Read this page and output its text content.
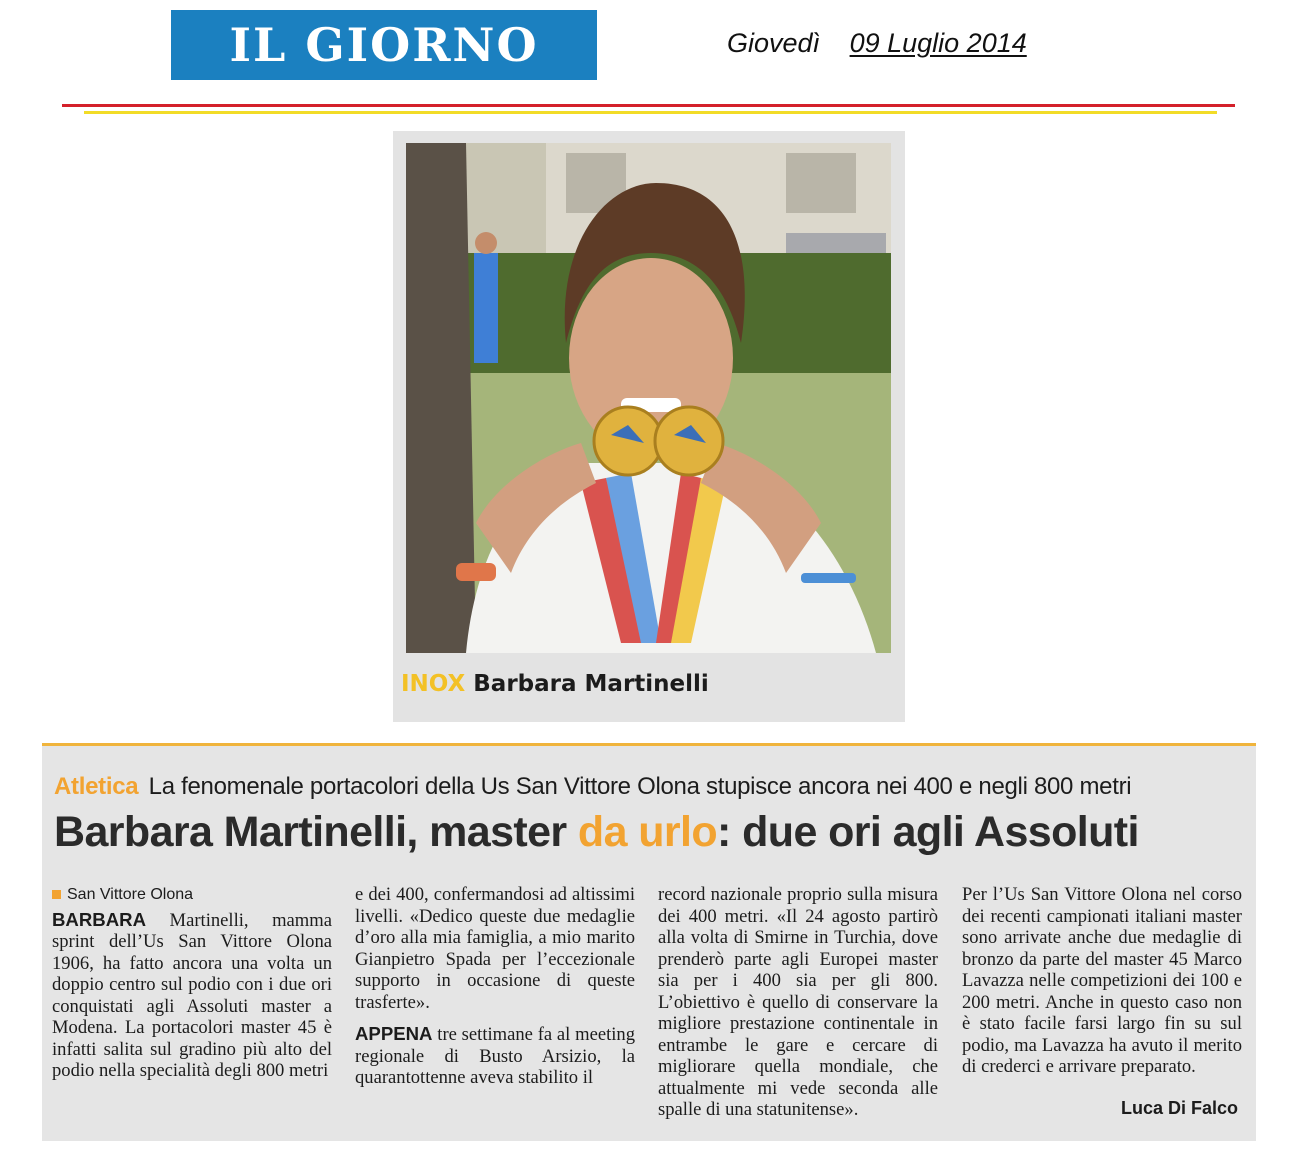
IL GIORNO	Giovedì 09 Luglio 2014
INOX Barbara Martinelli
Atletica La fenomenale portacolori della Us San Vittore Olona stupisce ancora nei 400 e negli 800 metri
Barbara Martinelli, master da urlo: due ori agli Assoluti
San Vittore Olona

BARBARA Martinelli, mamma sprint dell’Us San Vittore Olona 1906, ha fatto ancora una volta un doppio centro sul podio con i due ori conquistati agli Assoluti master a Modena. La portacolori master 45 è infatti salita sul gradino più alto del podio nella specialità degli 800 metri

e dei 400, confermandosi ad altissimi livelli. «Dedico queste due medaglie d’oro alla mia famiglia, a mio marito Gianpietro Spada per l’eccezionale supporto in occasione di queste trasferte».

APPENA tre settimane fa al meeting regionale di Busto Arsizio, la quarantottenne aveva stabilito il

record nazionale proprio sulla misura dei 400 metri. «Il 24 agosto partirò alla volta di Smirne in Turchia, dove prenderò parte agli Europei master sia per i 400 sia per gli 800. L’obiettivo è quello di conservare la migliore prestazione continentale in entrambe le gare e cercare di migliorare quella mondiale, che attualmente mi vede seconda alle spalle di una statunitense».

Per l’Us San Vittore Olona nel corso dei recenti campionati italiani master sono arrivate anche due medaglie di bronzo da parte del master 45 Marco Lavazza nelle competizioni dei 100 e 200 metri. Anche in questo caso non è stato facile farsi largo fin su sul podio, ma Lavazza ha avuto il merito di crederci e arrivare preparato.

Luca Di Falco
